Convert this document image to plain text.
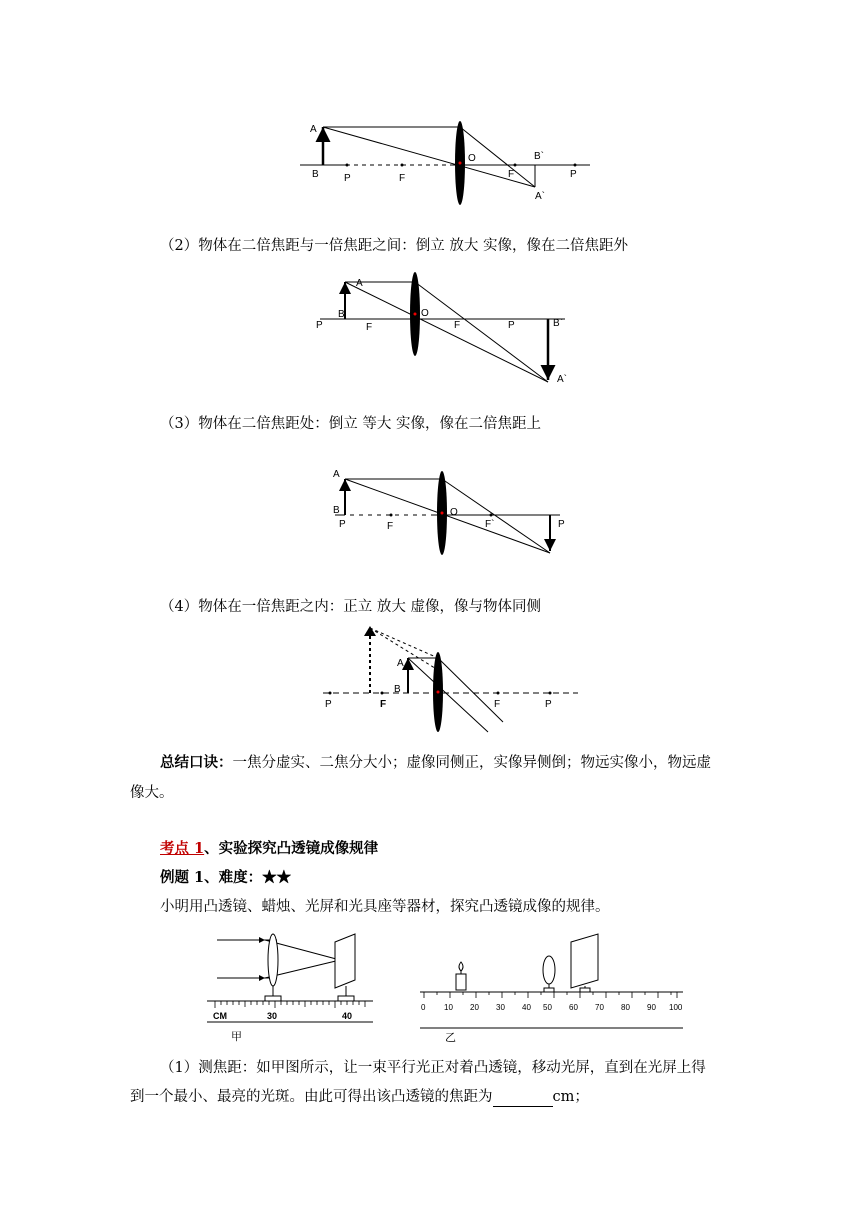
A
B	P	F
O
F
B`
A`
P
（2）物体在二倍焦距与一倍焦距之间：倒立 放大 实像，像在二倍焦距外
P
B
A
F
O
F	P	B`
A`
（3）物体在二倍焦距处：倒立 等大 实像，像在二倍焦距上
A
B
P	F
O
F`	P
（4）物体在一倍焦距之内：正立 放大 虚像，像与物体同侧
A
B
P	F	F	P
总结口诀：一焦分虚实、二焦分大小；虚像同侧正，实像异侧倒；物远实像小，物远虚
像大。
考点 1、实验探究凸透镜成像规律
例题 1、难度：★★
小明用凸透镜、蜡烛、光屏和光具座等器材，探究凸透镜成像的规律。
CM	30	40
甲
0 10 20 30 40 50 60 70 80 90 100
乙
（1）测焦距：如甲图所示，让一束平行光正对着凸透镜，移动光屏，直到在光屏上得
到一个最小、最亮的光斑。由此可得出该凸透镜的焦距为	cm；
